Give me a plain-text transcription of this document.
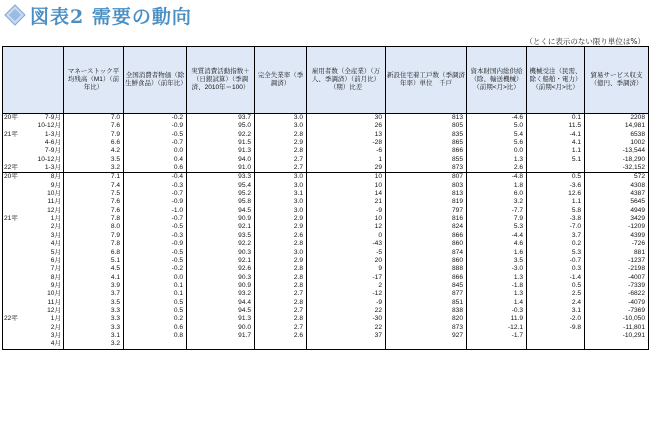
図表2 需要の動向
（とくに表示のない限り単位は%）
		マネーストック平均残高（M1）（前年比）	全国消費者物価（除生鮮食品）（前年比）	実質消費活動指数＋（日銀試算）（季調済、2010年＝100）	完全失業率（季調済）	雇用者数（全産業）（万人、季調済）（前月比）（期）比差	新設住宅着工戸数（季調済年率）単位　千戸	資本財国内総供給（除、輸送機械）（前期<月>比）	機械受注（民需、除く船舶・電力）（前期<月>比）	貿易サービス収支（億円、季調済）
20年	7-9月	7.0	-0.2	93.7	3.0	30	813	-4.6	0.1	2208
	10-12月	7.6	-0.9	95.0	3.0	26	805	5.0	11.5	14,981
21年	1-3月	7.9	-0.5	92.2	2.8	13	835	5.4	-4.1	6538
	4-6月	6.6	-0.7	91.5	2.9	-28	865	5.6	4.1	1002
	7-9月	4.2	0.0	91.3	2.8	-6	866	0.0	1.1	-13,544
	10-12月	3.5	0.4	94.0	2.7	1	855	1.3	5.1	-18,290
22年	1-3月	3.2	0.6	91.0	2.7	29	873	2.6		-32,152
20年	8月	7.1	-0.4	93.3	3.0	10	807	-4.8	0.5	572
	9月	7.4	-0.3	95.4	3.0	10	803	1.8	-3.6	4308
	10月	7.5	-0.7	95.2	3.1	14	813	6.0	12.6	4387
	11月	7.6	-0.9	95.8	3.0	21	819	3.2	1.1	5645
	12月	7.6	-1.0	94.5	3.0	-9	797	-7.7	5.8	4949
21年	1月	7.8	-0.7	90.9	2.9	10	816	7.9	-3.8	3429
	2月	8.0	-0.5	92.1	2.9	12	824	5.3	-7.0	-1209
	3月	7.9	-0.3	93.5	2.6	0	866	-4.4	3.7	4399
	4月	7.8	-0.9	92.2	2.8	-43	860	4.6	0.2	-726
	5月	6.8	-0.5	90.3	3.0	-5	874	1.6	5.3	881
	6月	5.1	-0.5	92.1	2.9	20	860	3.5	-0.7	-1237
	7月	4.5	-0.2	92.6	2.8	9	888	-3.0	0.3	-2198
	8月	4.1	0.0	90.3	2.8	-17	866	1.3	-1.4	-4007
	9月	3.9	0.1	90.9	2.8	2	845	-1.8	0.5	-7339
	10月	3.7	0.1	93.2	2.7	-12	877	1.3	2.5	-6822
	11月	3.5	0.5	94.4	2.8	-9	851	1.4	2.4	-4079
	12月	3.3	0.5	94.5	2.7	22	838	-0.3	3.1	-7369
22年	1月	3.3	0.2	91.3	2.8	-30	820	11.9	-2.0	-10,050
	2月	3.3	0.6	90.0	2.7	22	873	-12.1	-9.8	-11,801
	3月	3.1	0.8	91.7	2.6	37	927	-1.7		-10,291
	4月	3.2								
